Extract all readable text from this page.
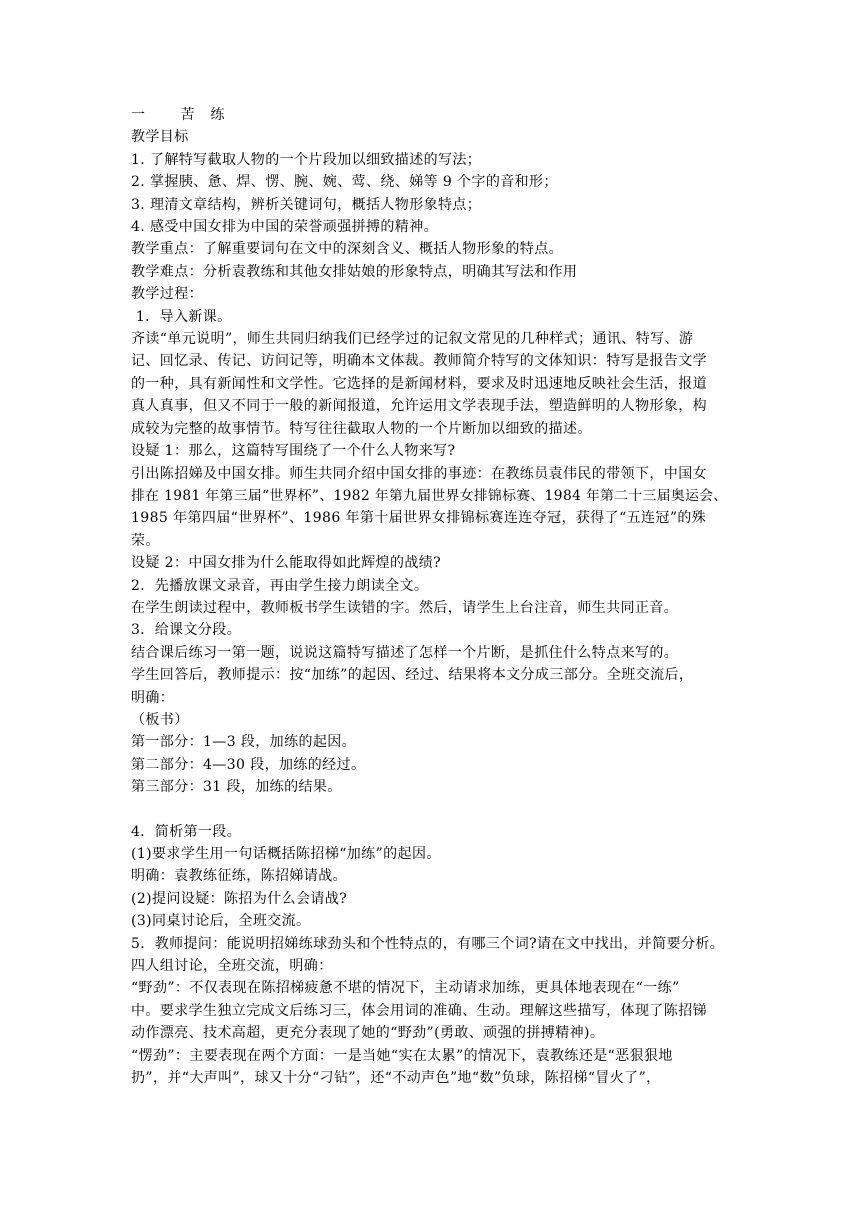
一　 苦　练
教学目标
1. 了解特写截取人物的一个片段加以细致描述的写法；
2. 掌握胰、惫、焊、愣、腕、婉、莺、绕、娣等 9 个字的音和形；
3. 理清文章结构，辨析关键词句，概括人物形象特点；
4. 感受中国女排为中国的荣誉顽强拼搏的精神。
教学重点：了解重要词句在文中的深刻含义、概括人物形象的特点。
教学难点：分析袁教练和其他女排姑娘的形象特点，明确其写法和作用
教学过程：
1．导入新课。
齐读“单元说明”，师生共同归纳我们已经学过的记叙文常见的几种样式；通讯、特写、游
记、回忆录、传记、访问记等，明确本文体裁。教师简介特写的文体知识：特写是报告文学
的一种，具有新闻性和文学性。它选择的是新闻材料，要求及时迅速地反映社会生活，报道
真人真事，但又不同于一般的新闻报道，允许运用文学表现手法，塑造鲜明的人物形象，构
成较为完整的故事情节。特写往往截取人物的一个片断加以细致的描述。
设疑 1：那么，这篇特写围绕了一个什么人物来写?
引出陈招娣及中国女排。师生共同介绍中国女排的事迹：在教练员袁伟民的带领下，中国女
排在 1981 年第三届“世界杯”、1982 年第九届世界女排锦标赛、1984 年第二十三届奥运会、
1985 年第四届“世界杯”、1986 年第十届世界女排锦标赛连连夺冠，获得了“五连冠”的殊
荣。
设疑 2：中国女排为什么能取得如此辉煌的战绩?
2．先播放课文录音，再由学生接力朗读全文。
在学生朗读过程中，教师板书学生读错的字。然后，请学生上台注音，师生共同正音。
3．给课文分段。
结合课后练习一第一题，说说这篇特写描述了怎样一个片断，是抓住什么特点来写的。
学生回答后，教师提示：按“加练”的起因、经过、结果将本文分成三部分。全班交流后，
明确：
（板书）
第一部分：1—3 段，加练的起因。
第二部分：4—30 段，加练的经过。
第三部分：31 段，加练的结果。
4．简析第一段。
(1)要求学生用一句话概括陈招梯“加练”的起因。
明确：袁教练征练，陈招娣请战。
(2)提问设疑：陈招为什么会请战?
(3)同桌讨论后，全班交流。
5．教师提问：能说明招娣练球劲头和个性特点的，有哪三个词?请在文中找出，并简要分析。
四人组讨论，全班交流，明确：
“野劲”：不仅表现在陈招梯疲惫不堪的情况下，主动请求加练，更具体地表现在“一练”
中。要求学生独立完成文后练习三，体会用词的准确、生动。理解这些描写，体现了陈招锑
动作漂亮、技术高超，更充分表现了她的“野劲”(勇敢、顽强的拼搏精神)。
“愣劲”：主要表现在两个方面：一是当她“实在太累”的情况下，袁教练还是“恶狠狠地
扔”，并“大声叫”，球又十分“刁钻”，还“不动声色”地“数”负球，陈招梯“冒火了”，
